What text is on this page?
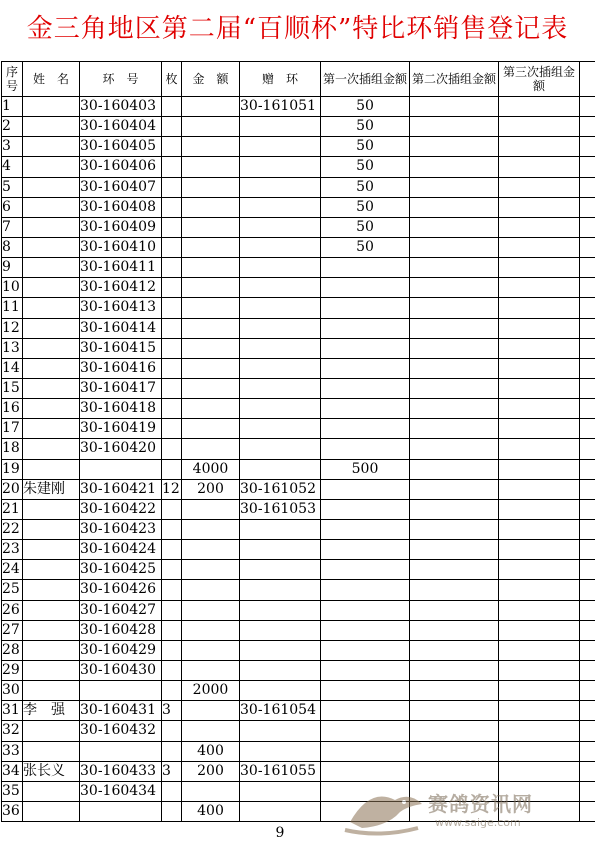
金三角地区第二届“百顺杯”特比环销售登记表
序号	姓　名	环　号	枚	金　额	赠　环	第一次插组金额	第二次插组金额	第三次插组金额	
1		30-160403			30-161051	50			
2		30-160404				50			
3		30-160405				50			
4		30-160406				50			
5		30-160407				50			
6		30-160408				50			
7		30-160409				50			
8		30-160410				50			
9		30-160411							
10		30-160412							
11		30-160413							
12		30-160414							
13		30-160415							
14		30-160416							
15		30-160417							
16		30-160418							
17		30-160419							
18		30-160420							
19				4000		500			
20	朱建刚	30-160421	12	200	30-161052				
21		30-160422			30-161053				
22		30-160423							
23		30-160424							
24		30-160425							
25		30-160426							
26		30-160427							
27		30-160428							
28		30-160429							
29		30-160430							
30				2000					
31	李　强	30-160431	3		30-161054				
32		30-160432							
33				400					
34	张长义	30-160433	3	200	30-161055				
35		30-160434							
36				400					
9
赛鸽资讯网
www.saige.com
